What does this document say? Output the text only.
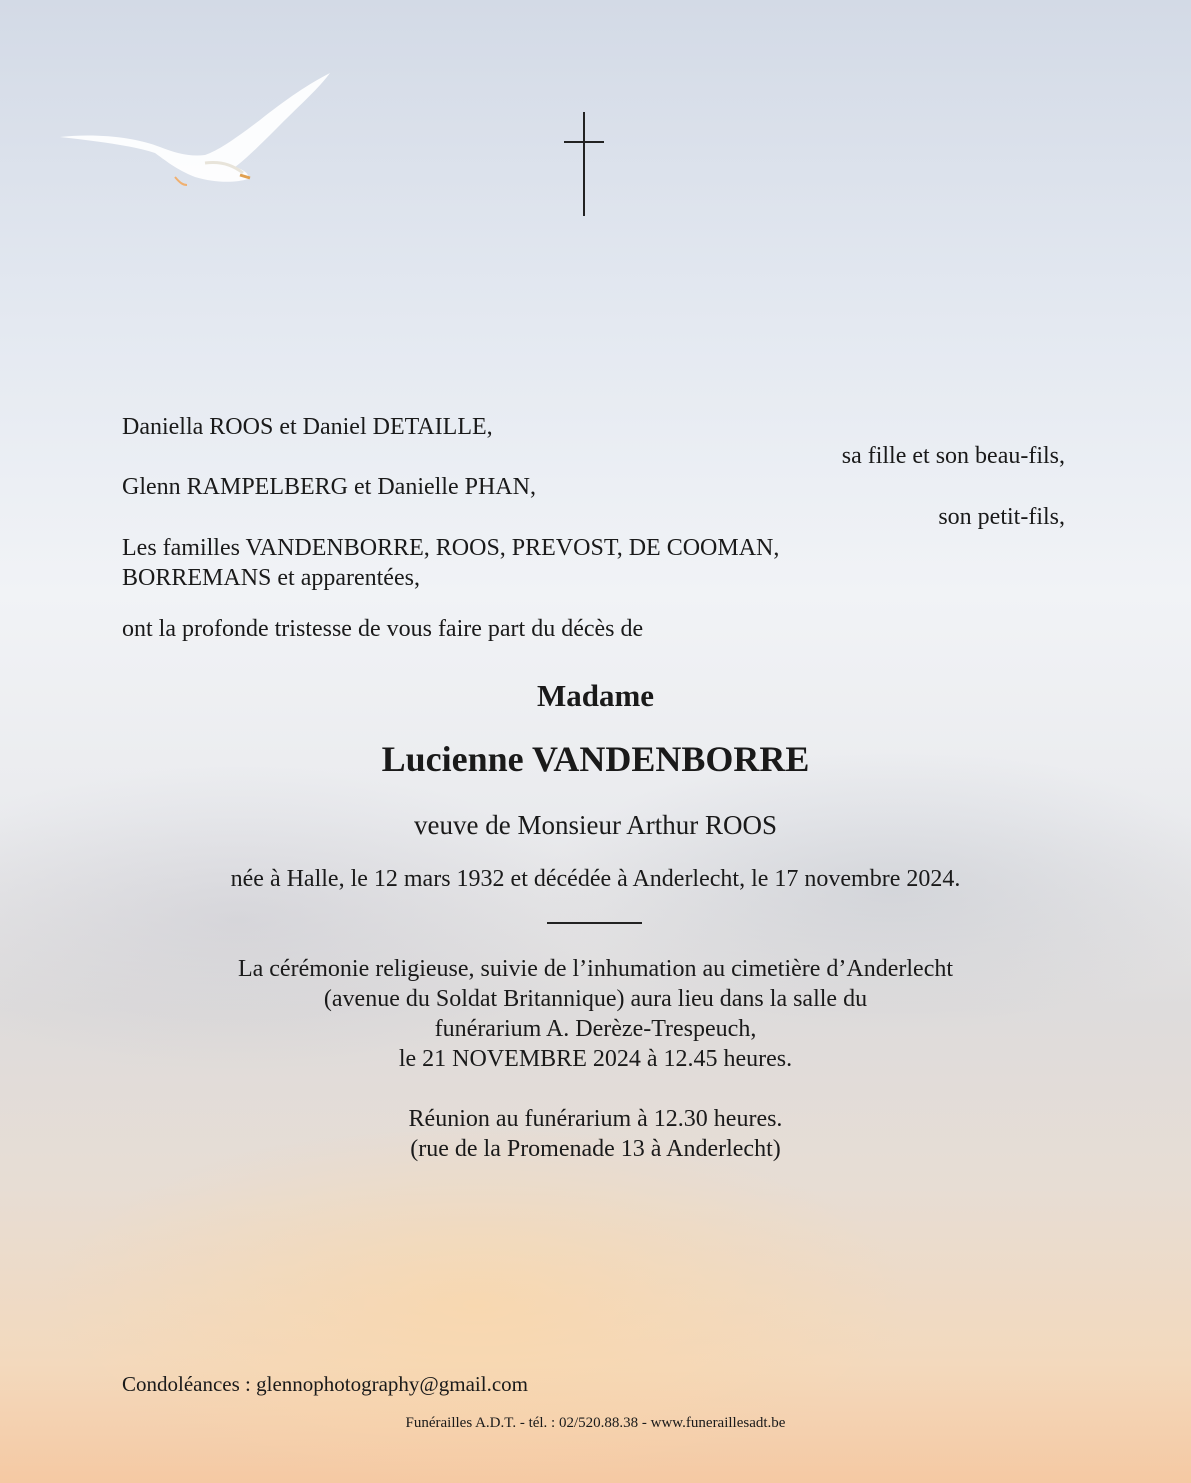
Daniella ROOS et Daniel DETAILLE,
sa fille et son beau-fils,
Glenn RAMPELBERG et Danielle PHAN,
son petit-fils,
Les familles VANDENBORRE, ROOS, PREVOST, DE COOMAN,
BORREMANS et apparentées,
ont la profonde tristesse de vous faire part du décès de
Madame
Lucienne VANDENBORRE
veuve de Monsieur Arthur ROOS
née à Halle, le 12 mars 1932 et décédée à Anderlecht, le 17 novembre 2024.
La cérémonie religieuse, suivie de l’inhumation au cimetière d’Anderlecht
(avenue du Soldat Britannique) aura lieu dans la salle du
funérarium A. Derèze-Trespeuch,
le 21 NOVEMBRE 2024 à 12.45 heures.
Réunion au funérarium à 12.30 heures.
(rue de la Promenade 13 à Anderlecht)
Condoléances : glennophotography@gmail.com
Funérailles A.D.T. - tél. : 02/520.88.38 - www.funeraillesadt.be
